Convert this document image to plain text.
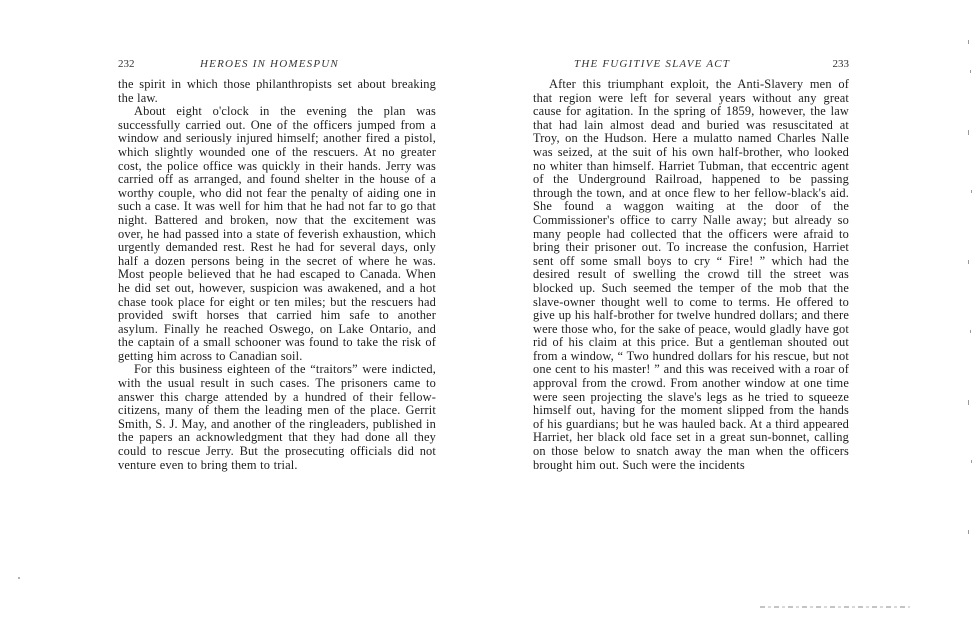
232	HEROES IN HOMESPUN

the spirit in which those philanthropists set about breaking the law.

About eight o'clock in the evening the plan was successfully carried out. One of the officers jumped from a window and seriously injured himself; another fired a pistol, which slightly wounded one of the rescuers. At no greater cost, the police office was quickly in their hands. Jerry was carried off as arranged, and found shelter in the house of a worthy couple, who did not fear the penalty of aiding one in such a case. It was well for him that he had not far to go that night. Battered and broken, now that the excitement was over, he had passed into a state of feverish exhaustion, which urgently demanded rest. Rest he had for several days, only half a dozen persons being in the secret of where he was. Most people believed that he had escaped to Canada. When he did set out, however, suspicion was awakened, and a hot chase took place for eight or ten miles; but the rescuers had provided swift horses that carried him safe to another asylum. Finally he reached Oswego, on Lake Ontario, and the captain of a small schooner was found to take the risk of getting him across to Canadian soil.

For this business eighteen of the “traitors” were indicted, with the usual result in such cases. The prisoners came to answer this charge attended by a hundred of their fellow-citizens, many of them the leading men of the place. Gerrit Smith, S. J. May, and another of the ringleaders, published in the papers an acknowledgment that they had done all they could to rescue Jerry. But the prosecuting officials did not venture even to bring them to trial.

THE FUGITIVE SLAVE ACT	233

After this triumphant exploit, the Anti-Slavery men of that region were left for several years without any great cause for agitation. In the spring of 1859, however, the law that had lain almost dead and buried was resuscitated at Troy, on the Hudson. Here a mulatto named Charles Nalle was seized, at the suit of his own half-brother, who looked no whiter than himself. Harriet Tubman, that eccentric agent of the Underground Railroad, happened to be passing through the town, and at once flew to her fellow-black's aid. She found a waggon waiting at the door of the Commissioner's office to carry Nalle away; but already so many people had collected that the officers were afraid to bring their prisoner out. To increase the confusion, Harriet sent off some small boys to cry “ Fire! ” which had the desired result of swelling the crowd till the street was blocked up. Such seemed the temper of the mob that the slave-owner thought well to come to terms. He offered to give up his half-brother for twelve hundred dollars; and there were those who, for the sake of peace, would gladly have got rid of his claim at this price. But a gentleman shouted out from a window, “ Two hundred dollars for his rescue, but not one cent to his master! ” and this was received with a roar of approval from the crowd. From another window at one time were seen projecting the slave's legs as he tried to squeeze himself out, having for the moment slipped from the hands of his guardians; but he was hauled back. At a third appeared Harriet, her black old face set in a great sun-bonnet, calling on those below to snatch away the man when the officers brought him out. Such were the incidents
